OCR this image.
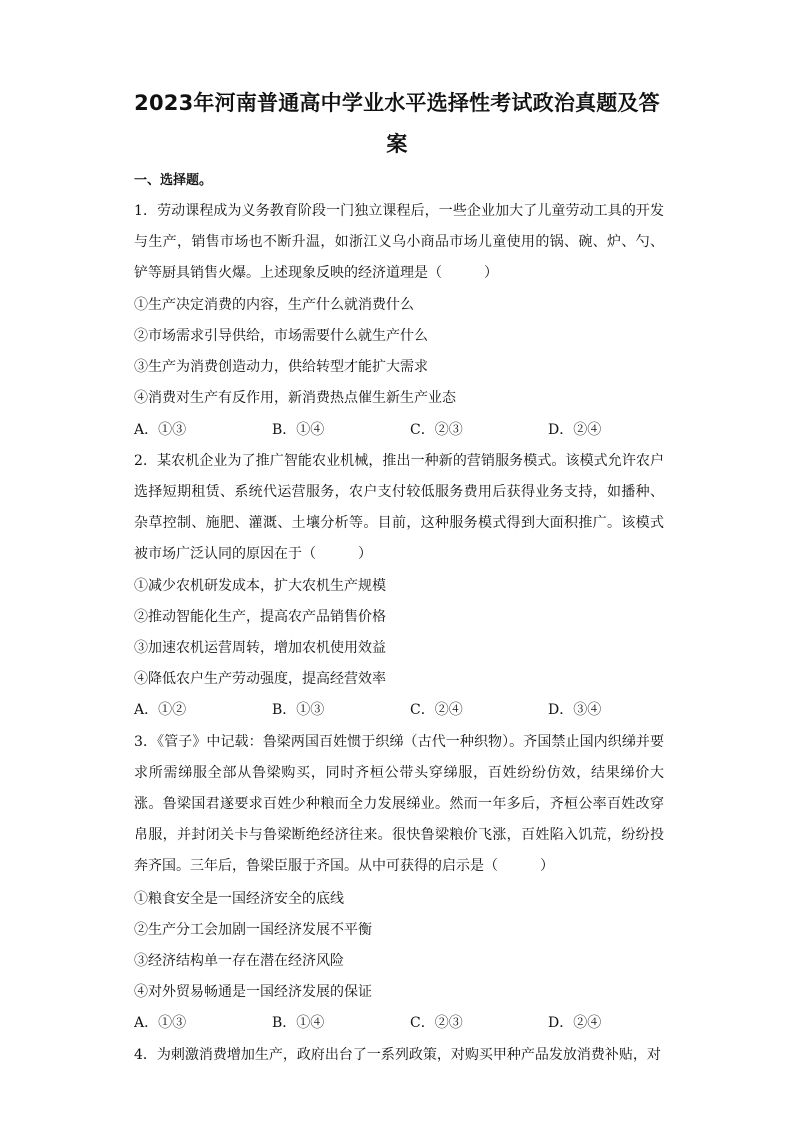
2023年河南普通高中学业水平选择性考试政治真题及答
案
一、选择题。
1．劳动课程成为义务教育阶段一门独立课程后，一些企业加大了儿童劳动工具的开发与生产，销售市场也不断升温，如浙江义乌小商品市场儿童使用的锅、碗、炉、勺、铲等厨具销售火爆。上述现象反映的经济道理是（　　　）
①生产决定消费的内容，生产什么就消费什么
②市场需求引导供给，市场需要什么就生产什么
③生产为消费创造动力，供给转型才能扩大需求
④消费对生产有反作用，新消费热点催生新生产业态
A．①③	B．①④	C．②③	D．②④
2．某农机企业为了推广智能农业机械，推出一种新的营销服务模式。该模式允许农户选择短期租赁、系统代运营服务，农户支付较低服务费用后获得业务支持，如播种、杂草控制、施肥、灌溉、土壤分析等。目前，这种服务模式得到大面积推广。该模式被市场广泛认同的原因在于（　　　）
①减少农机研发成本，扩大农机生产规模
②推动智能化生产，提高农产品销售价格
③加速农机运营周转，增加农机使用效益
④降低农户生产劳动强度，提高经营效率
A．①②	B．①③	C．②④	D．③④
3．《管子》中记载：鲁梁两国百姓惯于织绨（古代一种织物）。齐国禁止国内织绨并要求所需绨服全部从鲁梁购买，同时齐桓公带头穿绨服，百姓纷纷仿效，结果绨价大涨。鲁梁国君遂要求百姓少种粮而全力发展绨业。然而一年多后，齐桓公率百姓改穿帛服，并封闭关卡与鲁梁断绝经济往来。很快鲁梁粮价飞涨，百姓陷入饥荒，纷纷投奔齐国。三年后，鲁梁臣服于齐国。从中可获得的启示是（　　　）
①粮食安全是一国经济安全的底线
②生产分工会加剧一国经济发展不平衡
③经济结构单一存在潜在经济风险
④对外贸易畅通是一国经济发展的保证
A．①③	B．①④	C．②③	D．②④
4．为刺激消费增加生产，政府出台了一系列政策，对购买甲种产品发放消费补贴，对
